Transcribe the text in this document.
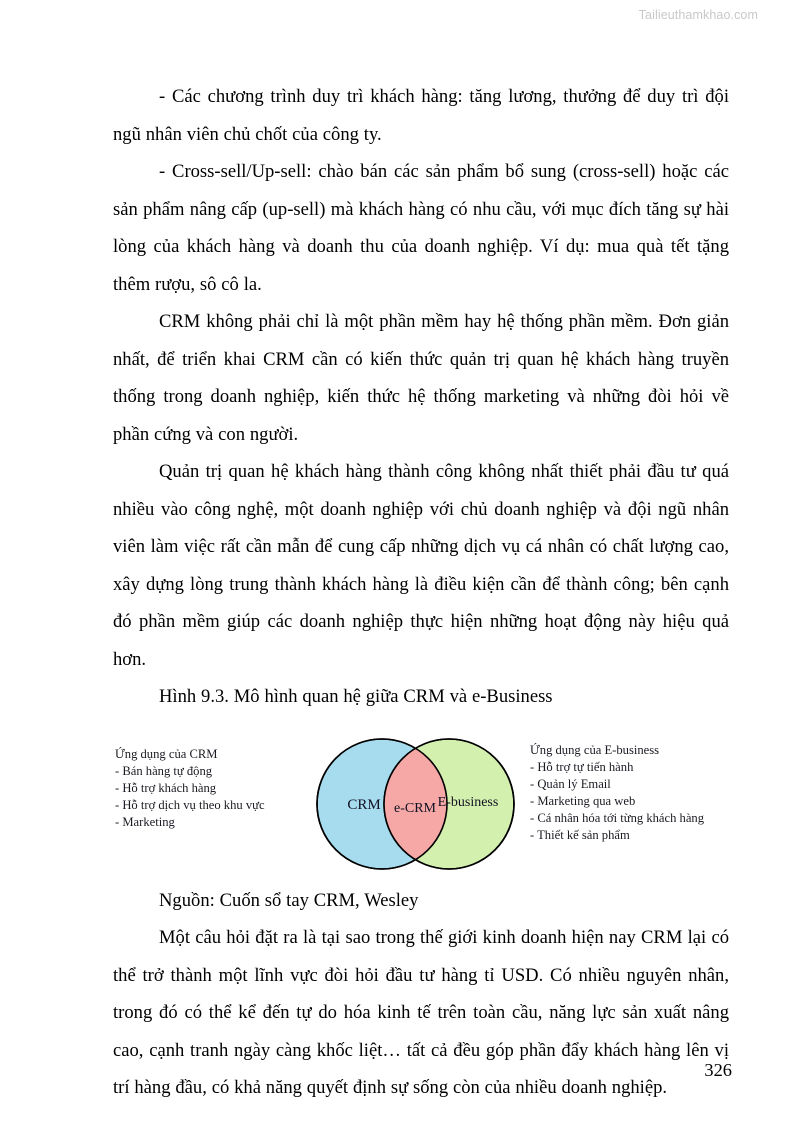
Tailieuthamkhao.com

- Các chương trình duy trì khách hàng: tăng lương, thưởng để duy trì đội ngũ nhân viên chủ chốt của công ty.

- Cross-sell/Up-sell: chào bán các sản phẩm bổ sung (cross-sell) hoặc các sản phẩm nâng cấp (up-sell) mà khách hàng có nhu cầu, với mục đích tăng sự hài lòng của khách hàng và doanh thu của doanh nghiệp. Ví dụ: mua quà tết tặng thêm rượu, sô cô la.

CRM không phải chỉ là một phần mềm hay hệ thống phần mềm. Đơn giản nhất, để triển khai CRM cần có kiến thức quản trị quan hệ khách hàng truyền thống trong doanh nghiệp, kiến thức hệ thống marketing và những đòi hỏi về phần cứng và con người.

Quản trị quan hệ khách hàng thành công không nhất thiết phải đầu tư quá nhiều vào công nghệ, một doanh nghiệp với chủ doanh nghiệp và đội ngũ nhân viên làm việc rất cần mẫn để cung cấp những dịch vụ cá nhân có chất lượng cao, xây dựng lòng trung thành khách hàng là điều kiện cần để thành công; bên cạnh đó phần mềm giúp các doanh nghiệp thực hiện những hoạt động này hiệu quả hơn.

Hình 9.3. Mô hình quan hệ giữa CRM và e-Business

Ứng dụng của CRM
- Bán hàng tự động
- Hỗ trợ khách hàng
- Hỗ trợ dịch vụ theo khu vực
- Marketing
CRM e-CRM E-business
Ứng dụng của E-business
- Hỗ trợ tự tiến hành
- Quản lý Email
- Marketing qua web
- Cá nhân hóa tới từng khách hàng
- Thiết kế sản phẩm

Nguồn: Cuốn sổ tay CRM, Wesley

Một câu hỏi đặt ra là tại sao trong thế giới kinh doanh hiện nay CRM lại có thể trở thành một lĩnh vực đòi hỏi đầu tư hàng tỉ USD. Có nhiều nguyên nhân, trong đó có thể kể đến tự do hóa kinh tế trên toàn cầu, năng lực sản xuất nâng cao, cạnh tranh ngày càng khốc liệt… tất cả đều góp phần đẩy khách hàng lên vị trí hàng đầu, có khả năng quyết định sự sống còn của nhiều doanh nghiệp.

326
